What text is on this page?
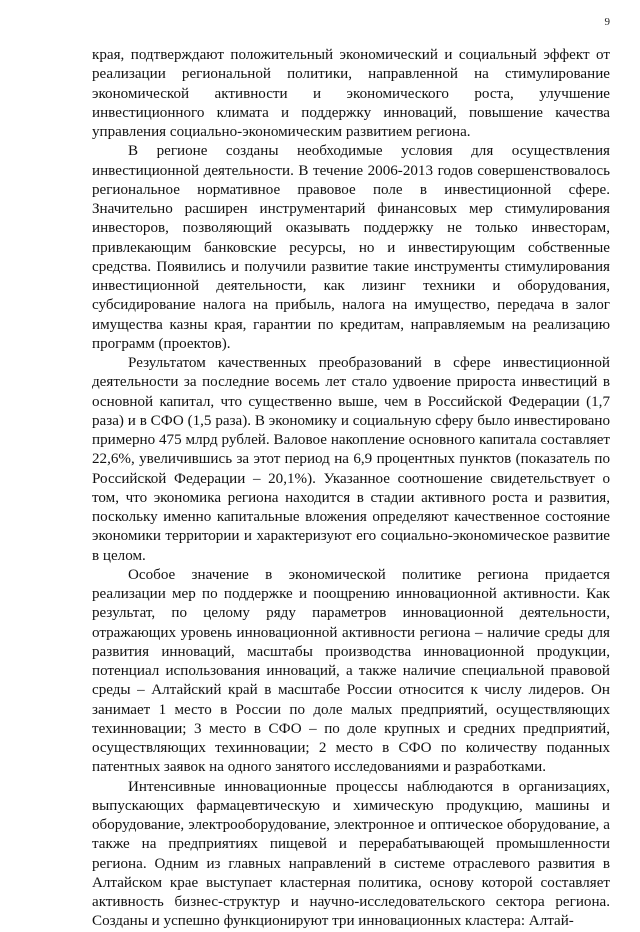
9

края, подтверждают положительный экономический и социальный эффект от реализации региональной политики, направленной на стимулирование экономической активности и экономического роста, улучшение инвестиционного климата и поддержку инноваций, повышение качества управления социально-экономическим развитием региона.

В регионе созданы необходимые условия для осуществления инвестиционной деятельности. В течение 2006-2013 годов совершенствовалось региональное нормативное правовое поле в инвестиционной сфере. Значительно расширен инструментарий финансовых мер стимулирования инвесторов, позволяющий оказывать поддержку не только инвесторам, привлекающим банковские ресурсы, но и инвестирующим собственные средства. Появились и получили развитие такие инструменты стимулирования инвестиционной деятельности, как лизинг техники и оборудования, субсидирование налога на прибыль, налога на имущество, передача в залог имущества казны края, гарантии по кредитам, направляемым на реализацию программ (проектов).

Результатом качественных преобразований в сфере инвестиционной деятельности за последние восемь лет стало удвоение прироста инвестиций в основной капитал, что существенно выше, чем в Российской Федерации (1,7 раза) и в СФО (1,5 раза). В экономику и социальную сферу было инвестировано примерно 475 млрд рублей. Валовое накопление основного капитала составляет 22,6%, увеличившись за этот период на 6,9 процентных пунктов (показатель по Российской Федерации – 20,1%). Указанное соотношение свидетельствует о том, что экономика региона находится в стадии активного роста и развития, поскольку именно капитальные вложения определяют качественное состояние экономики территории и характеризуют его социально-экономическое развитие в целом.

Особое значение в экономической политике региона придается реализации мер по поддержке и поощрению инновационной активности. Как результат, по целому ряду параметров инновационной деятельности, отражающих уровень инновационной активности региона – наличие среды для развития инноваций, масштабы производства инновационной продукции, потенциал использования инноваций, а также наличие специальной правовой среды – Алтайский край в масштабе России относится к числу лидеров. Он занимает 1 место в России по доле малых предприятий, осуществляющих техинновации; 3 место в СФО – по доле крупных и средних предприятий, осуществляющих техинновации; 2 место в СФО по количеству поданных патентных заявок на одного занятого исследованиями и разработками.

Интенсивные инновационные процессы наблюдаются в организациях, выпускающих фармацевтическую и химическую продукцию, машины и оборудование, электрооборудование, электронное и оптическое оборудование, а также на предприятиях пищевой и перерабатывающей промышленности региона. Одним из главных направлений в системе отраслевого развития в Алтайском крае выступает кластерная политика, основу которой составляет активность бизнес-структур и научно-исследовательского сектора региона. Созданы и успешно функционируют три инновационных кластера: Алтай-
